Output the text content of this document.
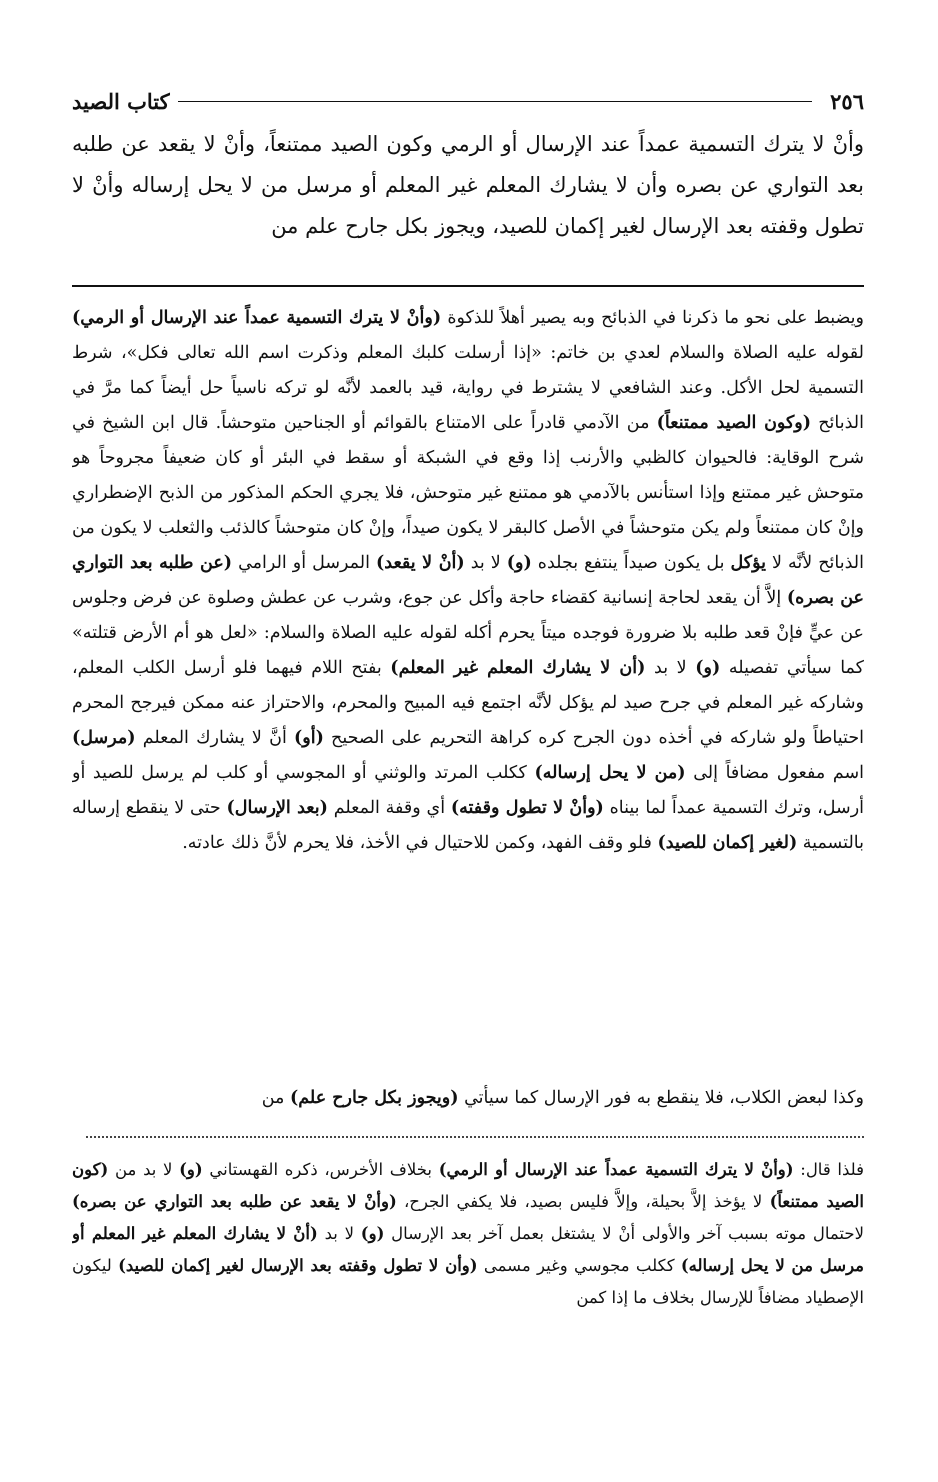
٢٥٦
كتاب الصيد
وأنْ لا يترك التسمية عمداً عند الإرسال أو الرمي وكون الصيد ممتنعاً، وأنْ لا يقعد عن طلبه بعد التواري عن بصره وأن لا يشارك المعلم غير المعلم أو مرسل من لا يحل إرساله وأنْ لا تطول وقفته بعد الإرسال لغير إكمان للصيد، ويجوز بكل جارح علم من
ويضبط على نحو ما ذكرنا في الذبائح وبه يصير أهلاً للذكوة (وأنْ لا يترك التسمية عمداً عند الإرسال أو الرمي) لقوله عليه الصلاة والسلام لعدي بن خاتم: «إذا أرسلت كلبك المعلم وذكرت اسم الله تعالى فكل»، شرط التسمية لحل الأكل. وعند الشافعي لا يشترط في رواية، قيد بالعمد لأنَّه لو تركه ناسياً حل أيضاً كما مرَّ في الذبائح (وكون الصيد ممتنعاً) من الآدمي قادراً على الامتناع بالقوائم أو الجناحين متوحشاً. قال ابن الشيخ في شرح الوقاية: فالحيوان كالظبي والأرنب إذا وقع في الشبكة أو سقط في البئر أو كان ضعيفاً مجروحاً هو متوحش غير ممتنع وإذا استأنس بالآدمي هو ممتنع غير متوحش، فلا يجري الحكم المذكور من الذبح الإضطراري وإنْ كان ممتنعاً ولم يكن متوحشاً في الأصل كالبقر لا يكون صيداً، وإنْ كان متوحشاً كالذئب والثعلب لا يكون من الذبائح لأنَّه لا يؤكل بل يكون صيداً ينتفع بجلده (و) لا بد (أنْ لا يقعد) المرسل أو الرامي (عن طلبه بعد التواري عن بصره) إلاَّ أن يقعد لحاجة إنسانية كقضاء حاجة وأكل عن جوع، وشرب عن عطش وصلوة عن فرض وجلوس عن عيٍّ فإنْ قعد طلبه بلا ضرورة فوجده ميتاً يحرم أكله لقوله عليه الصلاة والسلام: «لعل هو أم الأرض قتلته» كما سيأتي تفصيله (و) لا بد (أن لا يشارك المعلم غير المعلم) بفتح اللام فيهما فلو أرسل الكلب المعلم، وشاركه غير المعلم في جرح صيد لم يؤكل لأنَّه اجتمع فيه المبيح والمحرم، والاحتراز عنه ممكن فيرجح المحرم احتياطاً ولو شاركه في أخذه دون الجرح كره كراهة التحريم على الصحيح (أو) أنَّ لا يشارك المعلم (مرسل) اسم مفعول مضافاً إلى (من لا يحل إرساله) ككلب المرتد والوثني أو المجوسي أو كلب لم يرسل للصيد أو أرسل، وترك التسمية عمداً لما بيناه (وأنْ لا تطول وقفته) أي وقفة المعلم (بعد الإرسال) حتى لا ينقطع إرساله بالتسمية (لغير إكمان للصيد) فلو وقف الفهد، وكمن للاحتيال في الأخذ، فلا يحرم لأنَّ ذلك عادته.
وكذا لبعض الكلاب، فلا ينقطع به فور الإرسال كما سيأتي (ويجوز بكل جارح علم) من
فلذا قال: (وأنْ لا يترك التسمية عمداً عند الإرسال أو الرمي) بخلاف الأخرس، ذكره القهستاني (و) لا بد من (كون الصيد ممتنعاً) لا يؤخذ إلاَّ بحيلة، وإلاَّ فليس بصيد، فلا يكفي الجرح، (وأنْ لا يقعد عن طلبه بعد التواري عن بصره) لاحتمال موته بسبب آخر والأولى أنْ لا يشتغل بعمل آخر بعد الإرسال (و) لا بد (أنْ لا يشارك المعلم غير المعلم أو مرسل من لا يحل إرساله) ككلب مجوسي وغير مسمى (وأن لا تطول وقفته بعد الإرسال لغير إكمان للصيد) ليكون الإصطياد مضافاً للإرسال بخلاف ما إذا كمن
